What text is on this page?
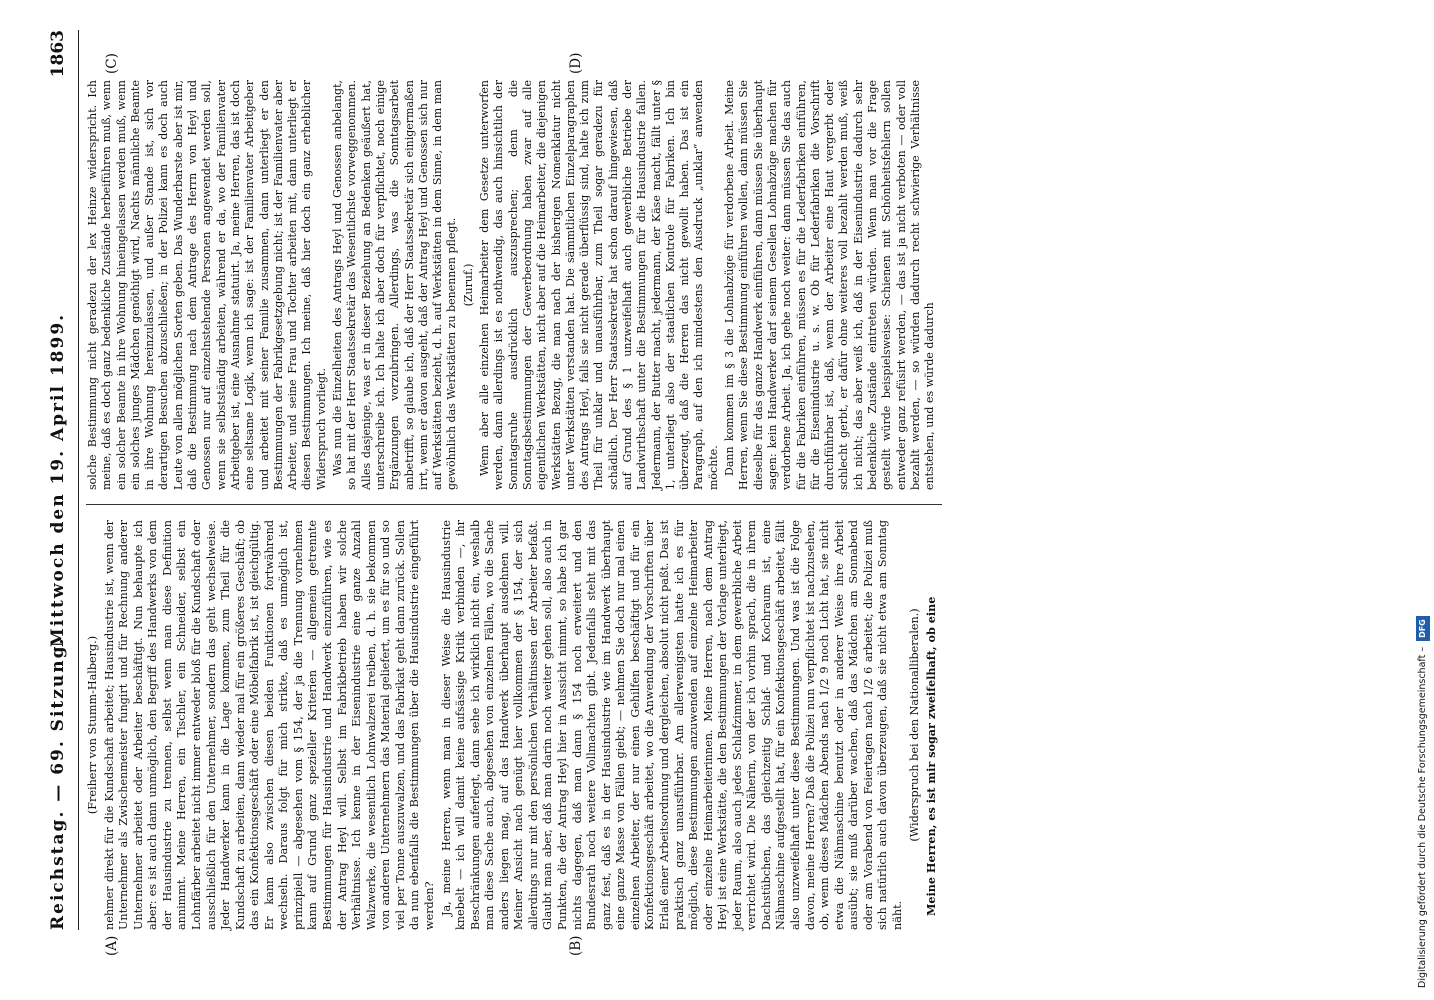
Reichstag. — 69. Sitzung.
Mittwoch den 19. April 1899.
1863
(A)	(B)
(C)	(D)

(Freiherr von Stumm-Halberg.) nehmer direkt für die Kundschaft arbeitet; Hausindustrie ist, wenn der Unternehmer als Zwischenmeister fungirt und für Rechnung anderer Unternehmer arbeitet oder Arbeiter beschäftigt. Nun behaupte ich aber: es ist auch dann unmöglich, den Begriff des Handwerks von dem der Hausindustrie zu trennen, selbst wenn man diese Definition annimmt. Meine Herren, ein Tischler, ein Schneider, selbst ein Lohnfärber arbeitet nicht immer entweder bloß für die Kundschaft oder ausschließlich für den Unternehmer, sondern das geht wechselweise. Jeder Handwerker kann in die Lage kommen, zum Theil für die Kundschaft zu arbeiten, dann wieder mal für ein größeres Geschäft; ob das ein Konfektionsgeschäft oder eine Möbelfabrik ist, ist gleichgültig. Er kann also zwischen diesen beiden Funktionen fortwährend wechseln. Daraus folgt für mich strikte, daß es unmöglich ist, prinzipiell — abgesehen vom § 154, der ja die Trennung vornehmen kann auf Grund ganz spezieller Kriterien — allgemein getrennte Bestimmungen für Hausindustrie und Handwerk einzuführen, wie es der Antrag Heyl will. Selbst im Fabrikbetrieb haben wir solche Verhältnisse. Ich kenne in der Eisenindustrie eine ganze Anzahl Walzwerke, die wesentlich Lohnwalzerei treiben, d. h. sie bekommen von anderen Unternehmern das Material geliefert, um es für so und so viel per Tonne auszuwalzen, und das Fabrikat geht dann zurück. Sollen da nun ebenfalls die Bestimmungen über die Hausindustrie eingeführt werden? Ja, meine Herren, wenn man in dieser Weise die Hausindustrie knebelt — ich will damit keine aufsässige Kritik verbinden —, ihr Beschränkungen auferlegt, dann sehe ich wirklich nicht ein, weshalb man diese Sache auch, abgesehen von einzelnen Fällen, wo die Sache anders liegen mag, auf das Handwerk überhaupt ausdehnen will. Meiner Ansicht nach genügt hier vollkommen der § 154, der sich allerdings nur mit den persönlichen Verhältnissen der Arbeiter befaßt. Glaubt man aber, daß man darin noch weiter gehen soll, also auch in Punkten, die der Antrag Heyl hier in Aussicht nimmt, so habe ich gar nichts dagegen, daß man dann § 154 noch erweitert und den Bundesrath noch weitere Vollmachten gibt. Jedenfalls steht mit das ganz fest, daß es in der Hausindustrie wie im Handwerk überhaupt eine ganze Masse von Fällen giebt; — nehmen Sie doch nur mal einen einzelnen Arbeiter, der nur einen Gehilfen beschäftigt und für ein Konfektionsgeschäft arbeitet, wo die Anwendung der Vorschriften über Erlaß einer Arbeitsordnung und dergleichen, absolut nicht paßt. Das ist praktisch ganz unausführbar. Am allerwenigsten hatte ich es für möglich, diese Bestimmungen anzuwenden auf einzelne Heimarbeiter oder einzelne Heimarbeiterinnen. Meine Herren, nach dem Antrag Heyl ist eine Werkstätte, die den Bestimmungen der Vorlage unterliegt, jeder Raum, also auch jedes Schlafzimmer, in dem gewerbliche Arbeit verrichtet wird. Die Näherin, von der ich vorhin sprach, die in ihrem Dachstübchen, das gleichzeitig Schlaf- und Kochraum ist, eine Nähmaschine aufgestellt hat, für ein Konfektionsgeschäft arbeitet, fällt also unzweifelhaft unter diese Bestimmungen. Und was ist die Folge davon, meine Herren? Daß die Polizei nun verpflichtet ist nachzusehen, ob, wenn dieses Mädchen Abends nach 1/2 9 noch Licht hat, sie nicht etwa die Nähmaschine benutzt oder in anderer Weise ihre Arbeit ausübt; sie muß darüber wachen, daß das Mädchen am Sonnabend oder am Vorabend von Feiertagen nach 1/2 6 arbeitet; die Polizei muß sich natürlich auch davon überzeugen, daß sie nicht etwa am Sonntag näht.

(Widerspruch bei den Nationalliberalen.) Meine Herren, es ist mir sogar zweifelhaft, ob eine

solche Bestimmung nicht geradezu der lex Heinze widerspricht. Ich meine, daß es doch ganz bedenkliche Zustände herbeiführen muß, wenn ein solcher Beamte in ihre Wohnung hineingelassen werden muß, wenn ein solches junges Mädchen genöthigt wird, Nachts männliche Beamte in ihre Wohnung hereinzulassen, und außer Stande ist, sich vor derartigen Besuchen abzuschließen; in der Polizei kann es doch auch Leute von allen möglichen Sorten geben. Das Wunderbarste aber ist mir, daß die Bestimmung nach dem Antrage des Herrn von Heyl und Genossen nur auf einzelnstehende Personen angewendet werden soll, wenn sie selbstständig arbeiten, während er da, wo der Familienvater Arbeitgeber ist, eine Ausnahme statuirt. Ja, meine Herren, das ist doch eine seltsame Logik, wenn ich sage: ist der Familienvater Arbeitgeber und arbeitet mit seiner Familie zusammen, dann unterliegt er den Bestimmungen der Fabrikgesetzgebung nicht; ist der Familienvater aber Arbeiter, und seine Frau und Tochter arbeiten mit, dann unterliegt er diesen Bestimmungen. Ich meine, daß hier doch ein ganz erheblicher Widerspruch vorliegt. Was nun die Einzelheiten des Antrags Heyl und Genossen anbelangt, so hat mit der Herr Staatssekretär das Wesentlichste vorweggenommen. Alles dasjenige, was er in dieser Beziehung an Bedenken geäußert hat, unterschreibe ich. Ich halte ich aber doch für verpflichtet, noch einige Ergänzungen vorzubringen. Allerdings, was die Sonntagsarbeit anbetrifft, so glaube ich, daß der Herr Staatssekretär sich einigermaßen irrt, wenn er davon ausgeht, daß der Antrag Heyl und Genossen sich nur auf Werkstätten bezieht, d. h. auf Werkstätten in dem Sinne, in dem man gewöhnlich das Werkstätten zu benennen pflegt. (Zuruf.) Wenn aber alle einzelnen Heimarbeiter dem Gesetze unterworfen werden, dann allerdings ist es nothwendig, das auch hinsichtlich der Sonntagsruhe ausdrücklich auszusprechen; denn die Sonntagsbestimmungen der Gewerbeordnung haben zwar auf alle eigentlichen Werkstätten, nicht aber auf die Heimarbeiter, die diejenigen Werkstätten Bezug, die man nach der bisherigen Nomenklatur nicht unter Werkstätten verstanden hat. Die sämmtlichen Einzelparagraphen des Antrags Heyl, falls sie nicht gerade überflüssig sind, halte ich zum Theil für unklar und unausführbar, zum Theil sogar geradezu für schädlich. Der Herr Staatssekretär hat schon darauf hingewiesen, daß auf Grund des § 1 unzweifelhaft auch gewerbliche Betriebe der Landwirthschaft unter die Bestimmungen für die Hausindustrie fallen. Jedermann, der Butter macht, jedermann, der Käse macht, fällt unter § 1, unterliegt also der staatlichen Kontrole für Fabriken. Ich bin überzeugt, daß die Herren das nicht gewollt haben. Das ist ein Paragraph, auf den ich mindestens den Ausdruck „unklar“ anwenden möchte. Dann kommen im § 3 die Lohnabzüge für verdorbene Arbeit. Meine Herren, wenn Sie diese Bestimmung einführen wollen, dann müssen Sie dieselbe für das ganze Handwerk einführen, dann müssen Sie überhaupt sagen: kein Handwerker darf seinem Gesellen Lohnabzüge machen für verdorbene Arbeit. Ja, ich gehe noch weiter: dann müssen Sie das auch für die Fabriken einführen, müssen es für die Lederfabriken einführen, für die Eisenindustrie u. s. w. Ob für Lederfabriken die Vorschrift durchführbar ist, daß, wenn der Arbeiter eine Haut vergerbt oder schlecht gerbt, er dafür ohne weiteres voll bezahlt werden muß, weiß ich nicht; das aber weiß ich, daß in der Eisenindustrie dadurch sehr bedenkliche Zustände eintreten würden. Wenn man vor die Frage gestellt würde beispielsweise: Schienen mit Schönheitsfehlern sollen entweder ganz refüsirt werden, — das ist ja nicht verboten — oder voll bezahlt werden, — so würden dadurch recht schwierige Verhältnisse entstehen, und es würde dadurch

Digitalisierung gefördert durch die Deutsche Forschungsgemeinschaft –DFG
